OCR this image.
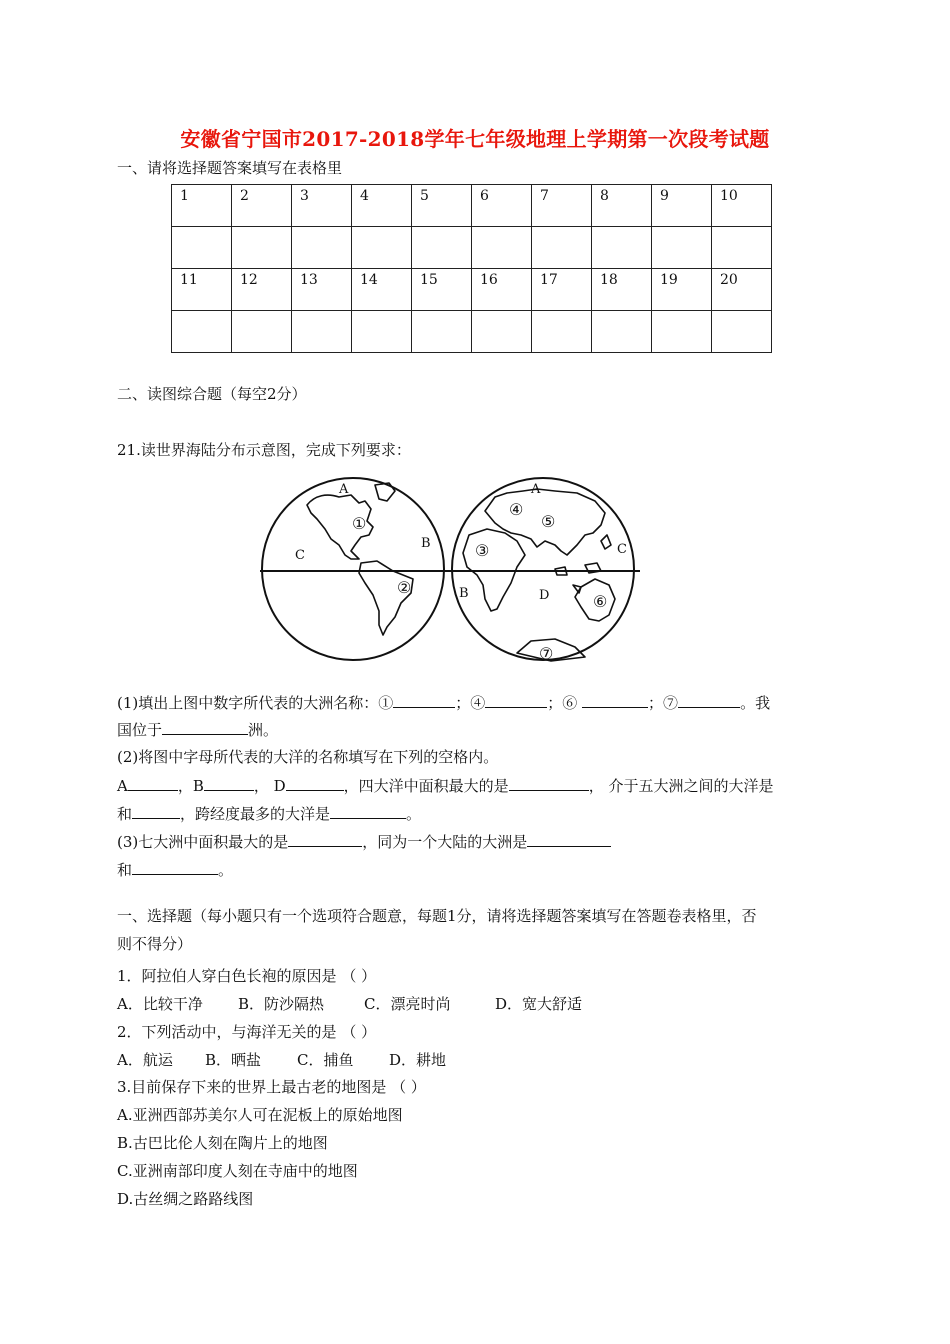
安徽省宁国市2017-2018学年七年级地理上学期第一次段考试题
一、请将选择题答案填写在表格里
1	2	3	4	5	6	7	8	9	10

11	12	13	14	15	16	17	18	19	20

二、读图综合题（每空2分）
21.读世界海陆分布示意图，完成下列要求：
A
B
C
A
B
C
D
①
②
③
④
⑤
⑥
⑦
(1)填出上图中数字所代表的大洲名称：①	；④	；⑥	；⑦	。我
国位于	洲。
(2)将图中字母所代表的大洋的名称填写在下列的空格内。
A	，B	， D	，四大洋中面积最大的是	， 介于五大洲之间的大洋是
和	，跨经度最多的大洋是	。
(3)七大洲中面积最大的是	，同为一个大陆的大洲是
和	。
一、选择题（每小题只有一个选项符合题意，每题1分，请将选择题答案填写在答题卷表格里，否
则不得分）
1．阿拉伯人穿白色长袍的原因是 （ ）
A．比较干净 B．防沙隔热	C．漂亮时尚	D．宽大舒适
2．下列活动中，与海洋无关的是 （ ）
A．航运 B．晒盐 C．捕鱼 D．耕地
3.目前保存下来的世界上最古老的地图是 （ ）
A.亚洲西部苏美尔人可在泥板上的原始地图
B.古巴比伦人刻在陶片上的地图
C.亚洲南部印度人刻在寺庙中的地图
D.古丝绸之路路线图
